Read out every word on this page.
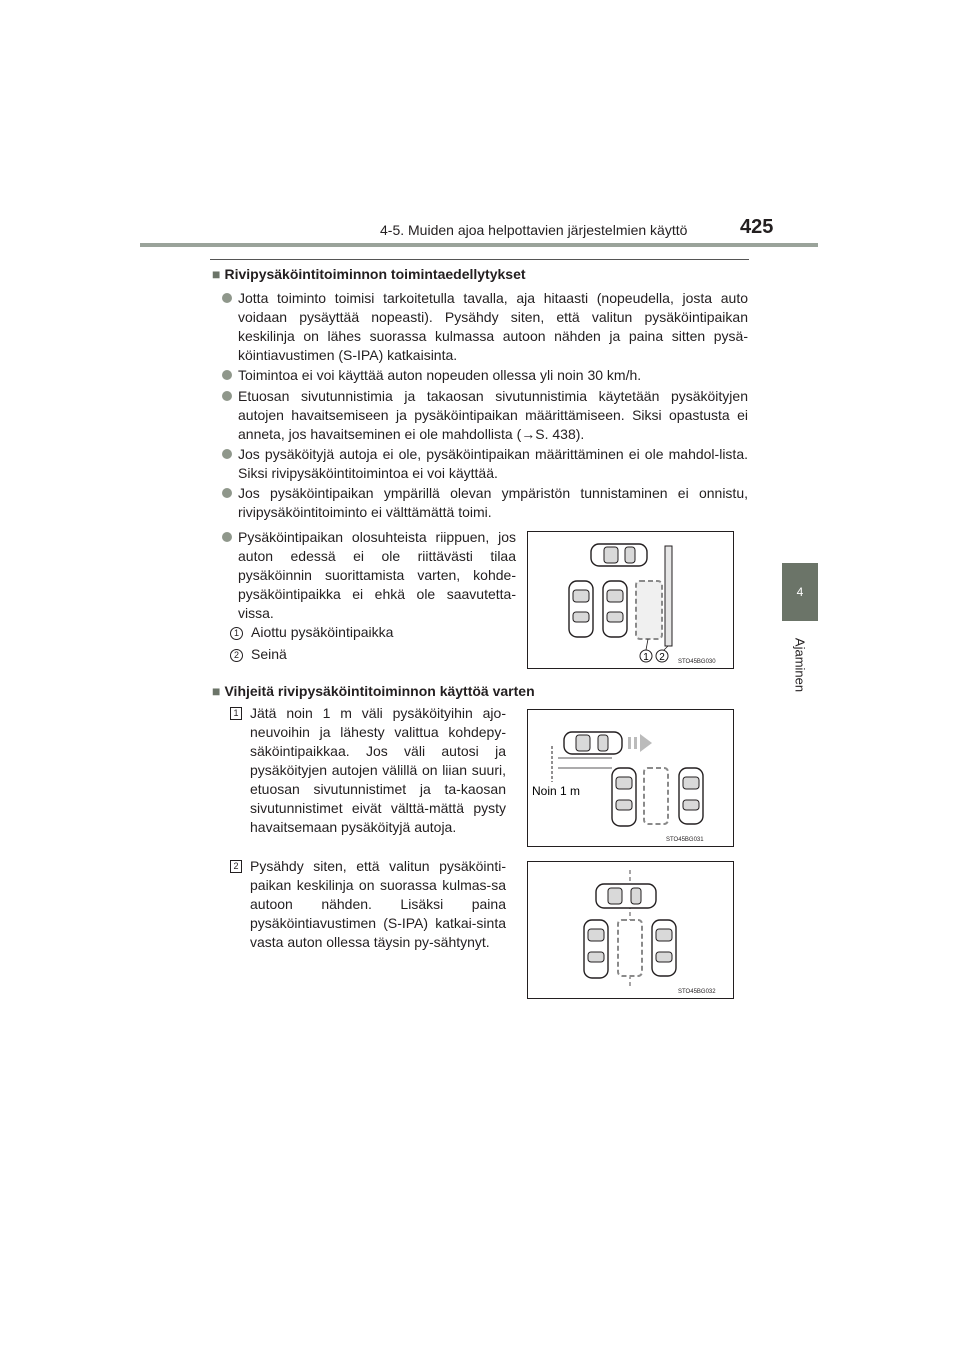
4-5. Muiden ajoa helpottavien järjestelmien käyttö	425
4
Ajaminen
■ Rivipysäköintitoiminnon toimintaedellytykset
Jotta toiminto toimisi tarkoitetulla tavalla, aja hitaasti (nopeudella, josta auto voidaan pysäyttää nopeasti). Pysähdy siten, että valitun pysäköintipaikan keskilinja on lähes suorassa kulmassa autoon nähden ja paina sitten pysä-köintiavustimen (S-IPA) katkaisinta.
Toimintoa ei voi käyttää auton nopeuden ollessa yli noin 30 km/h.
Etuosan sivutunnistimia ja takaosan sivutunnistimia käytetään pysäköityjen autojen havaitsemiseen ja pysäköintipaikan määrittämiseen. Siksi opastusta ei anneta, jos havaitseminen ei ole mahdollista (→S. 438).
Jos pysäköityjä autoja ei ole, pysäköintipaikan määrittäminen ei ole mahdol-lista. Siksi rivipysäköintitoimintoa ei voi käyttää.
Jos pysäköintipaikan ympärillä olevan ympäristön tunnistaminen ei onnistu, rivipysäköintitoiminto ei välttämättä toimi.
Pysäköintipaikan olosuhteista riippuen, jos auton edessä ei ole riittävästi tilaa pysäköinnin suorittamista varten, kohde-pysäköintipaikka ei ehkä ole saavutetta-vissa.
1 Aiottu pysäköintipaikka
2 Seinä	1 2 STO45BG030
■ Vihjeitä rivipysäköintitoiminnon käyttöä varten
1 Jätä noin 1 m väli pysäköityihin ajo-neuvoihin ja lähesty valittua kohdepy-säköintipaikkaa. Jos väli autosi ja pysäköityjen autojen välillä on liian suuri, etuosan sivutunnistimet ja ta-kaosan sivutunnistimet eivät välttä-mättä pysty havaitsemaan pysäköityjä autoja.
Noin 1 m
STO45BG031
2 Pysähdy siten, että valitun pysäköinti-paikan keskilinja on suorassa kulmas-sa autoon nähden. Lisäksi paina pysäköintiavustimen (S-IPA) katkai-sinta vasta auton ollessa täysin py-sähtynyt.
STO45BG032
